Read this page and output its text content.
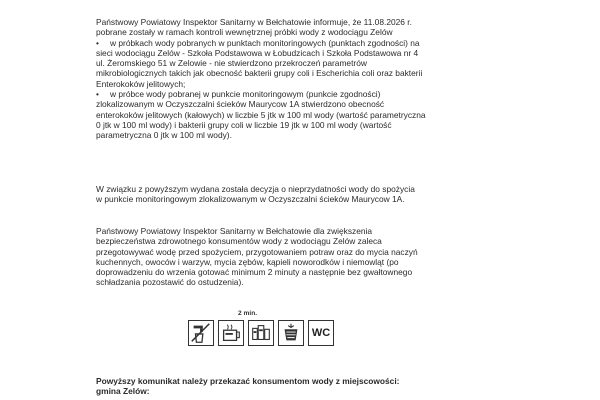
Państwowy Powiatowy Inspektor Sanitarny w Bełchatowie informuje, że 11.08.2026 r.
pobrane zostały w ramach kontroli wewnętrznej próbki wody z wodociągu Zelów
• w próbkach wody pobranych w punktach monitoringowych (punktach zgodności) na
sieci wodociągu Zelów - Szkoła Podstawowa w Łobudzicach i Szkoła Podstawowa nr 4
ul. Żeromskiego 51 w Zelowie - nie stwierdzono przekroczeń parametrów
mikrobiologicznych takich jak obecność bakterii grupy coli i Escherichia coli oraz bakterii
Enterokoków jelitowych;
• w próbce wody pobranej w punkcie monitoringowym (punkcie zgodności)
zlokalizowanym w Oczyszczalni ścieków Maurycow 1A stwierdzono obecność
enterokoków jelitowych (kałowych) w liczbie 5 jtk w 100 ml wody (wartość parametryczna
0 jtk w 100 ml wody) i bakterii grupy coli w liczbie 19 jtk w 100 ml wody (wartość
parametryczna 0 jtk w 100 ml wody).
W związku z powyższym wydana została decyzja o nieprzydatności wody do spożycia
w punkcie monitoringowym zlokalizowanym w Oczyszczalni ścieków Maurycow 1A.
Państwowy Powiatowy Inspektor Sanitarny w Bełchatowie dla zwiększenia
bezpieczeństwa zdrowotnego konsumentów wody z wodociągu Zelów zaleca
przegotowywać wodę przed spożyciem, przygotowaniem potraw oraz do mycia naczyń
kuchennych, owoców i warzyw, mycia zębów, kąpieli noworodków i niemowląt (po
doprowadzeniu do wrzenia gotować minimum 2 minuty a następnie bez gwałtownego
schładzania pozostawić do ostudzenia).
2 min.
WC
Powyższy komunikat należy przekazać konsumentom wody z miejscowości:
gmina Zelów:
